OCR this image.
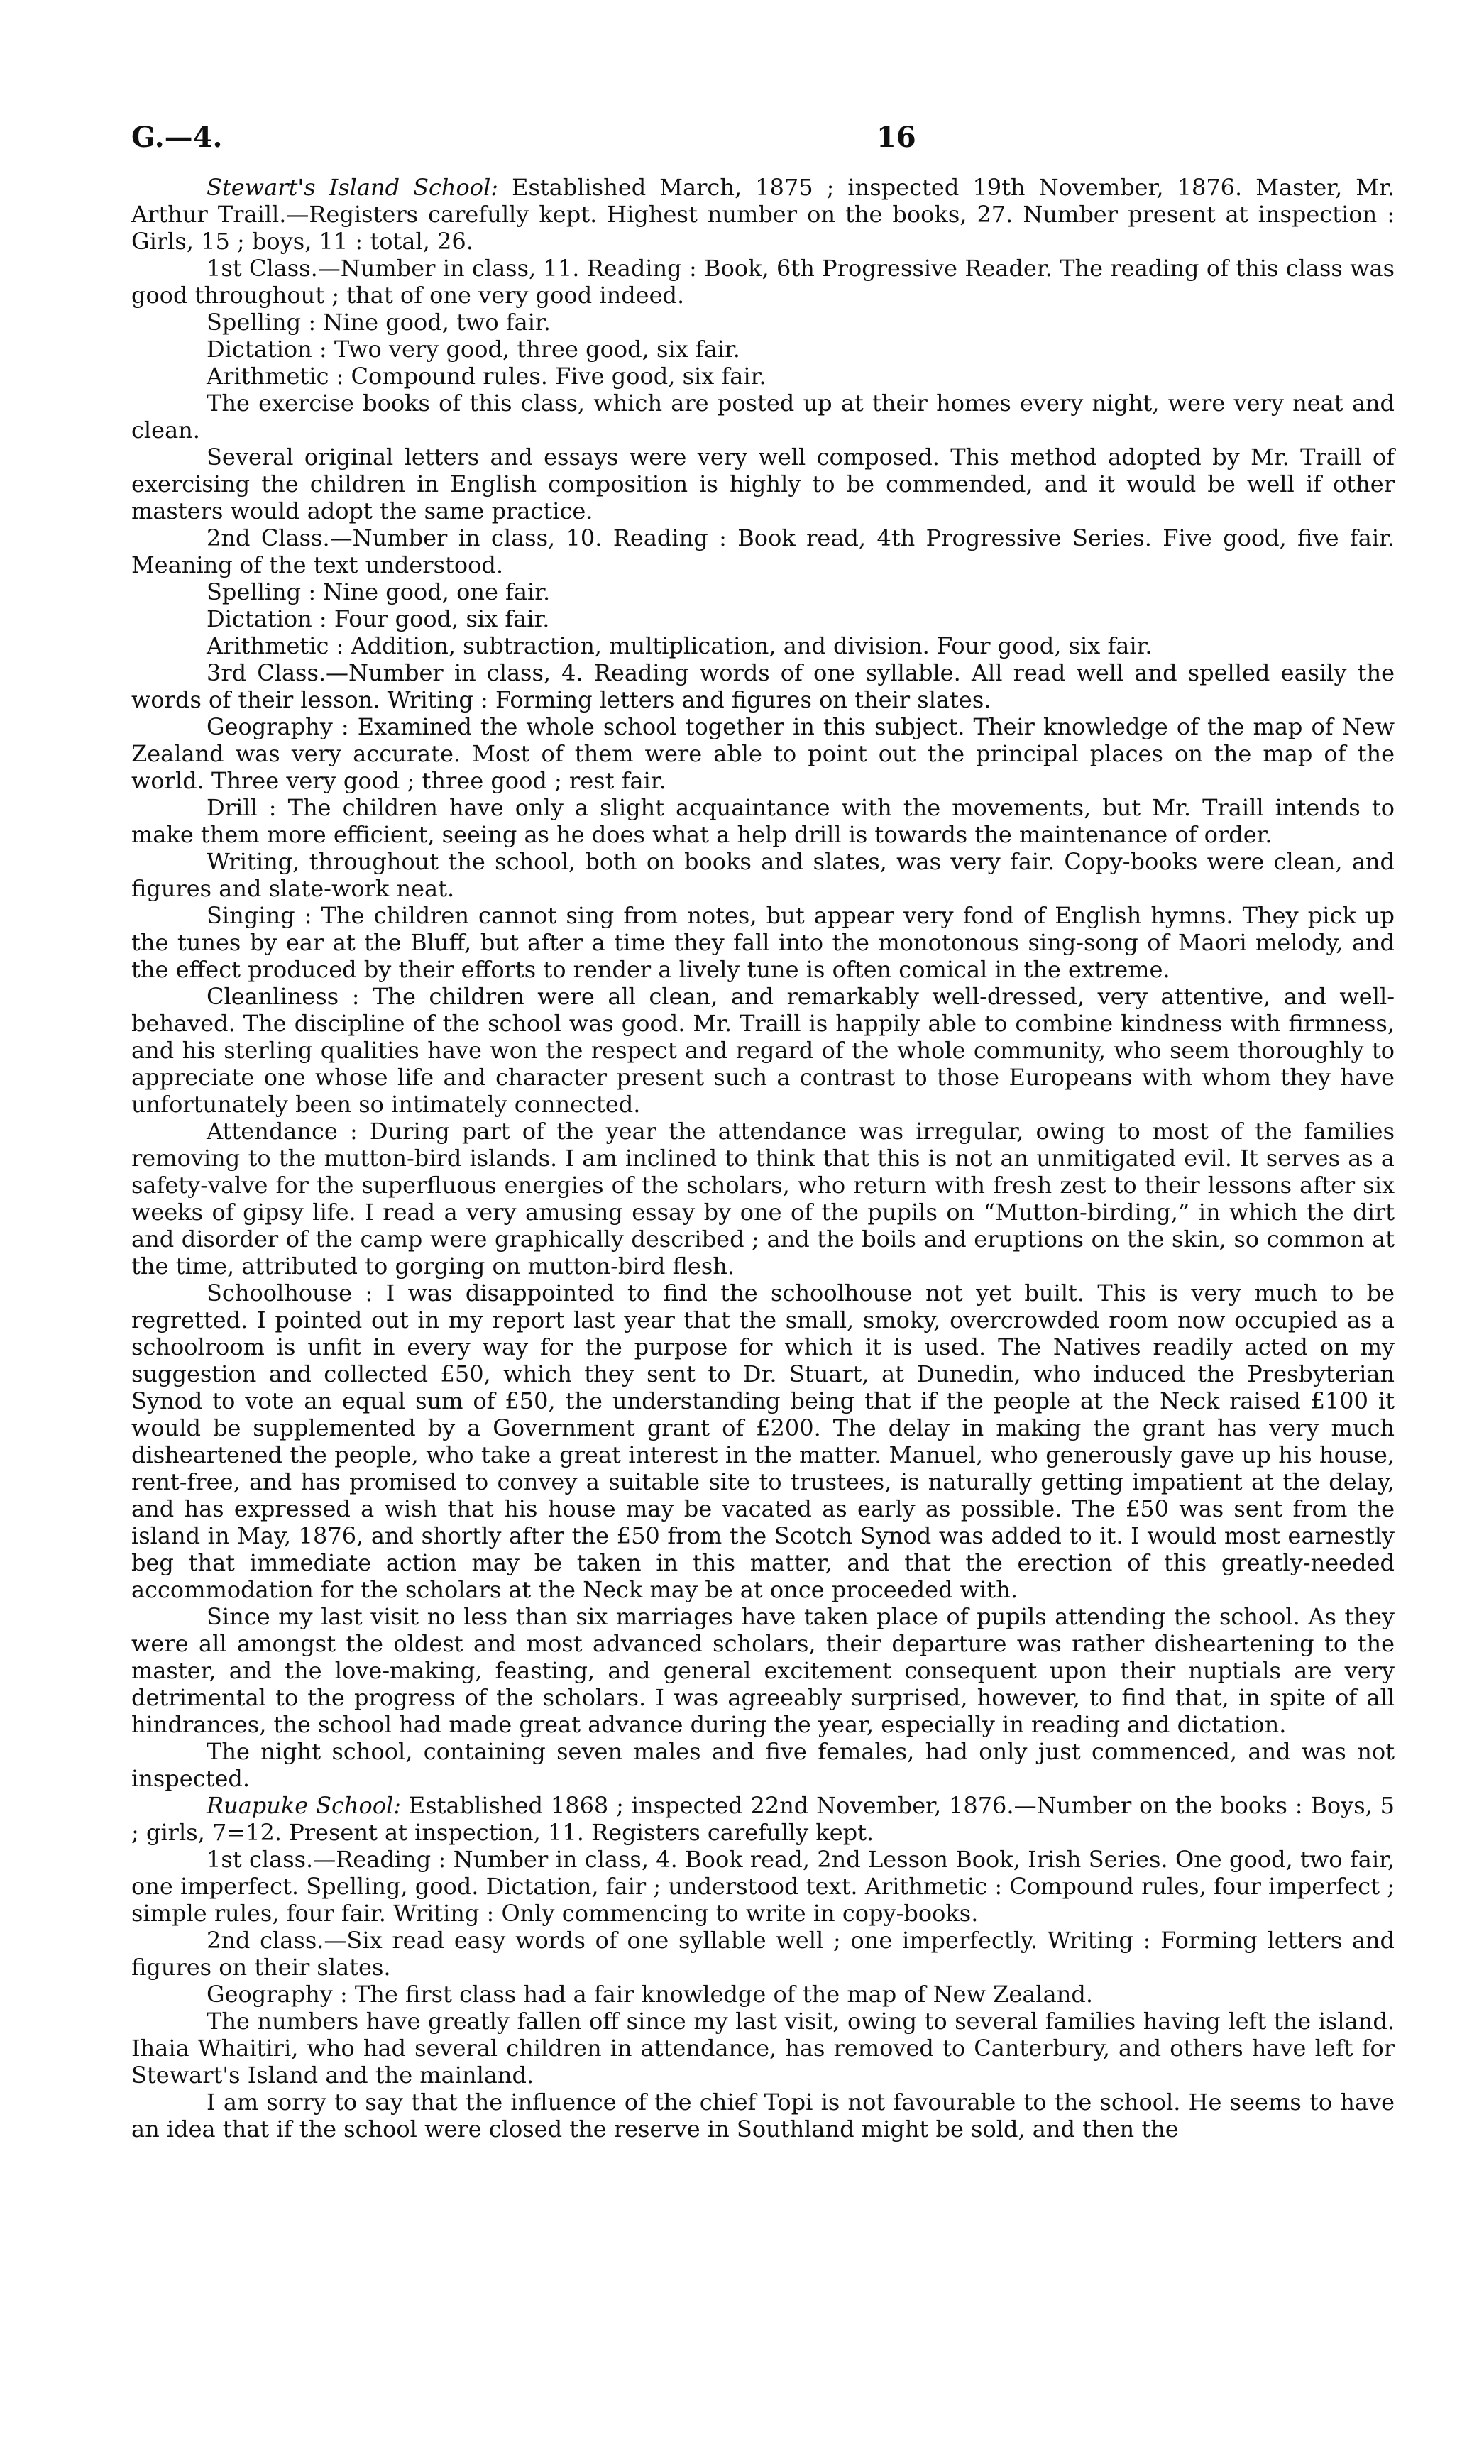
G.—4.	16

Stewart's Island School: Established March, 1875 ; inspected 19th November, 1876. Master, Mr. Arthur Traill.—Registers carefully kept. Highest number on the books, 27. Number present at inspection : Girls, 15 ; boys, 11 : total, 26.

1st Class.—Number in class, 11. Reading : Book, 6th Progressive Reader. The reading of this class was good throughout ; that of one very good indeed.

Spelling : Nine good, two fair.

Dictation : Two very good, three good, six fair.

Arithmetic : Compound rules. Five good, six fair.

The exercise books of this class, which are posted up at their homes every night, were very neat and clean.

Several original letters and essays were very well composed. This method adopted by Mr. Traill of exercising the children in English composition is highly to be commended, and it would be well if other masters would adopt the same practice.

2nd Class.—Number in class, 10. Reading : Book read, 4th Progressive Series. Five good, five fair. Meaning of the text understood.

Spelling : Nine good, one fair.

Dictation : Four good, six fair.

Arithmetic : Addition, subtraction, multiplication, and division. Four good, six fair.

3rd Class.—Number in class, 4. Reading words of one syllable. All read well and spelled easily the words of their lesson. Writing : Forming letters and figures on their slates.

Geography : Examined the whole school together in this subject. Their knowledge of the map of New Zealand was very accurate. Most of them were able to point out the principal places on the map of the world. Three very good ; three good ; rest fair.

Drill : The children have only a slight acquaintance with the movements, but Mr. Traill intends to make them more efficient, seeing as he does what a help drill is towards the maintenance of order.

Writing, throughout the school, both on books and slates, was very fair. Copy-books were clean, and figures and slate-work neat.

Singing : The children cannot sing from notes, but appear very fond of English hymns. They pick up the tunes by ear at the Bluff, but after a time they fall into the monotonous sing-song of Maori melody, and the effect produced by their efforts to render a lively tune is often comical in the extreme.

Cleanliness : The children were all clean, and remarkably well-dressed, very attentive, and well-behaved. The discipline of the school was good. Mr. Traill is happily able to combine kindness with firmness, and his sterling qualities have won the respect and regard of the whole community, who seem thoroughly to appreciate one whose life and character present such a contrast to those Europeans with whom they have unfortunately been so intimately connected.

Attendance : During part of the year the attendance was irregular, owing to most of the families removing to the mutton-bird islands. I am inclined to think that this is not an unmitigated evil. It serves as a safety-valve for the superfluous energies of the scholars, who return with fresh zest to their lessons after six weeks of gipsy life. I read a very amusing essay by one of the pupils on “Mutton-birding,” in which the dirt and disorder of the camp were graphically described ; and the boils and eruptions on the skin, so common at the time, attributed to gorging on mutton-bird flesh.

Schoolhouse : I was disappointed to find the schoolhouse not yet built. This is very much to be regretted. I pointed out in my report last year that the small, smoky, overcrowded room now occupied as a schoolroom is unfit in every way for the purpose for which it is used. The Natives readily acted on my suggestion and collected £50, which they sent to Dr. Stuart, at Dunedin, who induced the Presbyterian Synod to vote an equal sum of £50, the understanding being that if the people at the Neck raised £100 it would be supplemented by a Government grant of £200. The delay in making the grant has very much disheartened the people, who take a great interest in the matter. Manuel, who generously gave up his house, rent-free, and has promised to convey a suitable site to trustees, is naturally getting impatient at the delay, and has expressed a wish that his house may be vacated as early as possible. The £50 was sent from the island in May, 1876, and shortly after the £50 from the Scotch Synod was added to it. I would most earnestly beg that immediate action may be taken in this matter, and that the erection of this greatly-needed accommodation for the scholars at the Neck may be at once proceeded with.

Since my last visit no less than six marriages have taken place of pupils attending the school. As they were all amongst the oldest and most advanced scholars, their departure was rather disheartening to the master, and the love-making, feasting, and general excitement consequent upon their nuptials are very detrimental to the progress of the scholars. I was agreeably surprised, however, to find that, in spite of all hindrances, the school had made great advance during the year, especially in reading and dictation.

The night school, containing seven males and five females, had only just commenced, and was not inspected.

Ruapuke School: Established 1868 ; inspected 22nd November, 1876.—Number on the books : Boys, 5 ; girls, 7=12. Present at inspection, 11. Registers carefully kept.

1st class.—Reading : Number in class, 4. Book read, 2nd Lesson Book, Irish Series. One good, two fair, one imperfect. Spelling, good. Dictation, fair ; understood text. Arithmetic : Compound rules, four imperfect ; simple rules, four fair. Writing : Only commencing to write in copy-books.

2nd class.—Six read easy words of one syllable well ; one imperfectly. Writing : Forming letters and figures on their slates.

Geography : The first class had a fair knowledge of the map of New Zealand.

The numbers have greatly fallen off since my last visit, owing to several families having left the island. Ihaia Whaitiri, who had several children in attendance, has removed to Canterbury, and others have left for Stewart's Island and the mainland.

I am sorry to say that the influence of the chief Topi is not favourable to the school. He seems to have an idea that if the school were closed the reserve in Southland might be sold, and then the
